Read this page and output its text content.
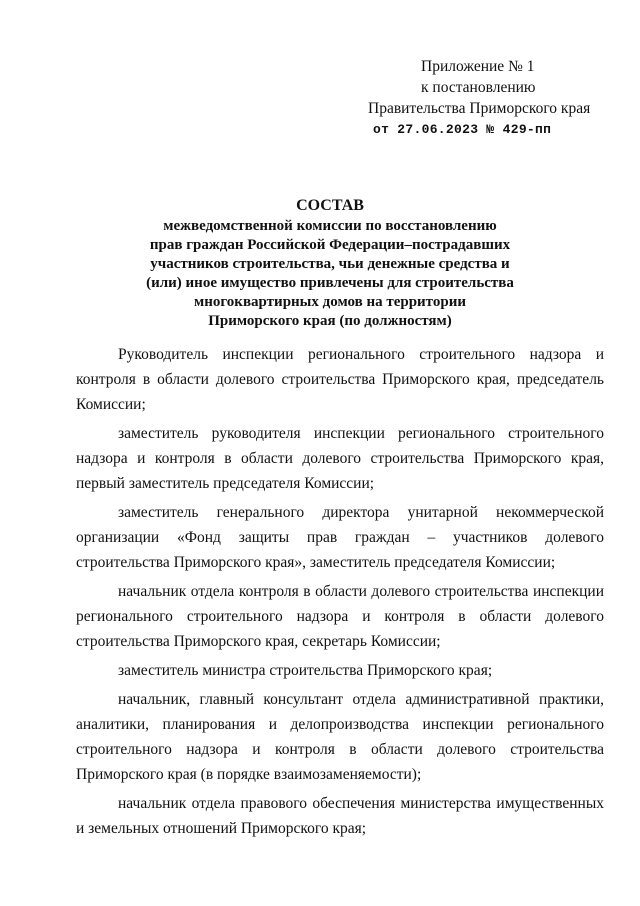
Приложение № 1
к постановлению
Правительства Приморского края
от 27.06.2023 № 429-пп
СОСТАВ
межведомственной комиссии по восстановлению
прав граждан Российской Федерации–пострадавших
участников строительства, чьи денежные средства и
(или) иное имущество привлечены для строительства
многоквартирных домов на территории
Приморского края (по должностям)

Руководитель инспекции регионального строительного надзора и контроля в области долевого строительства Приморского края, председатель Комиссии;

заместитель руководителя инспекции регионального строительного надзора и контроля в области долевого строительства Приморского края, первый заместитель председателя Комиссии;

заместитель генерального директора унитарной некоммерческой организации «Фонд защиты прав граждан – участников долевого строительства Приморского края», заместитель председателя Комиссии;

начальник отдела контроля в области долевого строительства инспекции регионального строительного надзора и контроля в области долевого строительства Приморского края, секретарь Комиссии;

заместитель министра строительства Приморского края;

начальник, главный консультант отдела административной практики, аналитики, планирования и делопроизводства инспекции регионального строительного надзора и контроля в области долевого строительства Приморского края (в порядке взаимозаменяемости);

начальник отдела правового обеспечения министерства имущественных и земельных отношений Приморского края;
